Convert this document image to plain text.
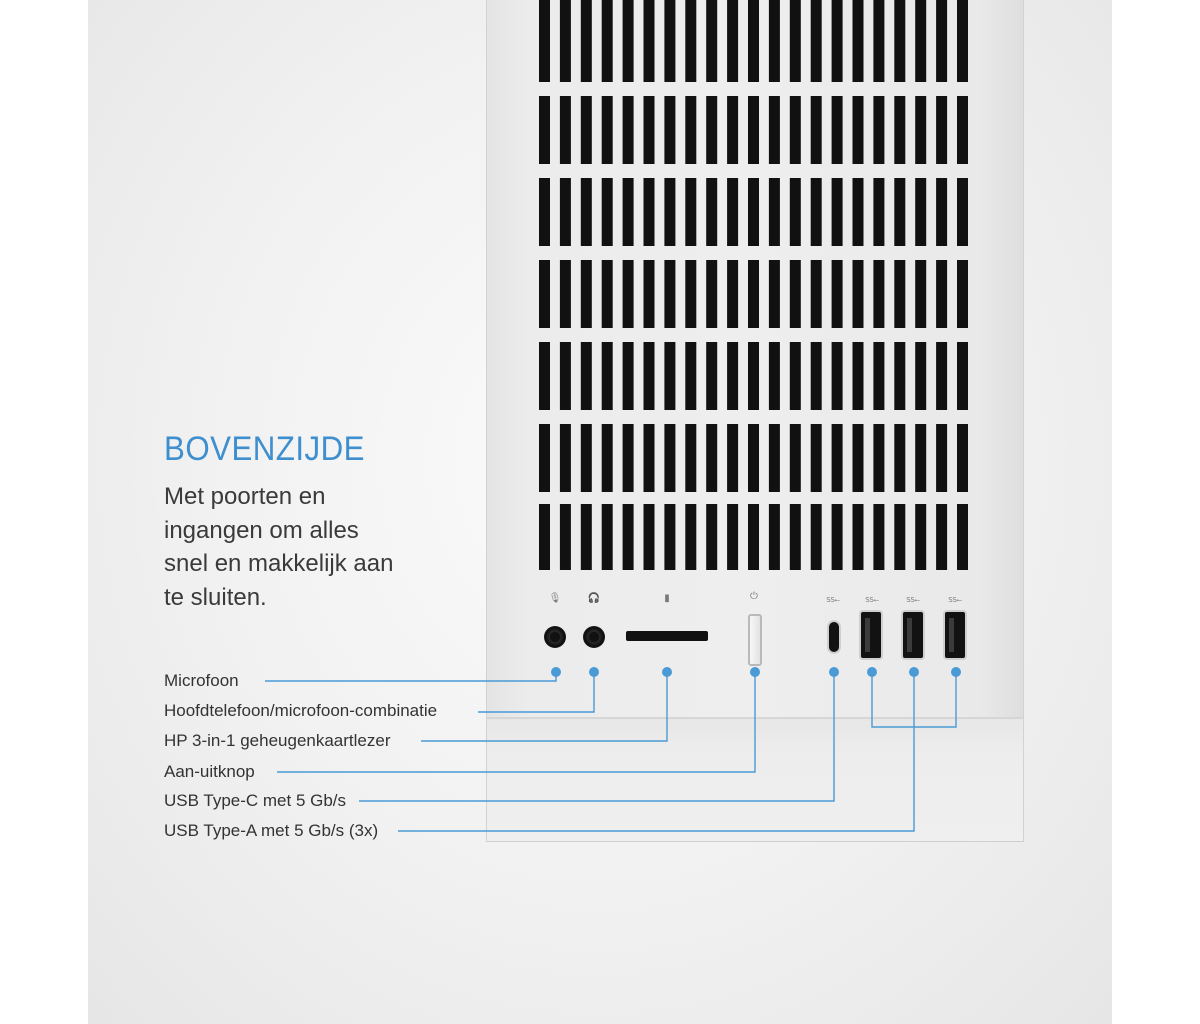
🎙	🎧	▮	⏻	SS⭠	SS⭠	SS⭠	SS⭠
BOVENZIJDE

Met poorten en ingangen om alles snel en makkelijk aan te sluiten.

Microfoon
Hoofdtelefoon/microfoon-combinatie
HP 3-in-1 geheugenkaartlezer
Aan-uitknop
USB Type-C met 5 Gb/s
USB Type-A met 5 Gb/s (3x)
